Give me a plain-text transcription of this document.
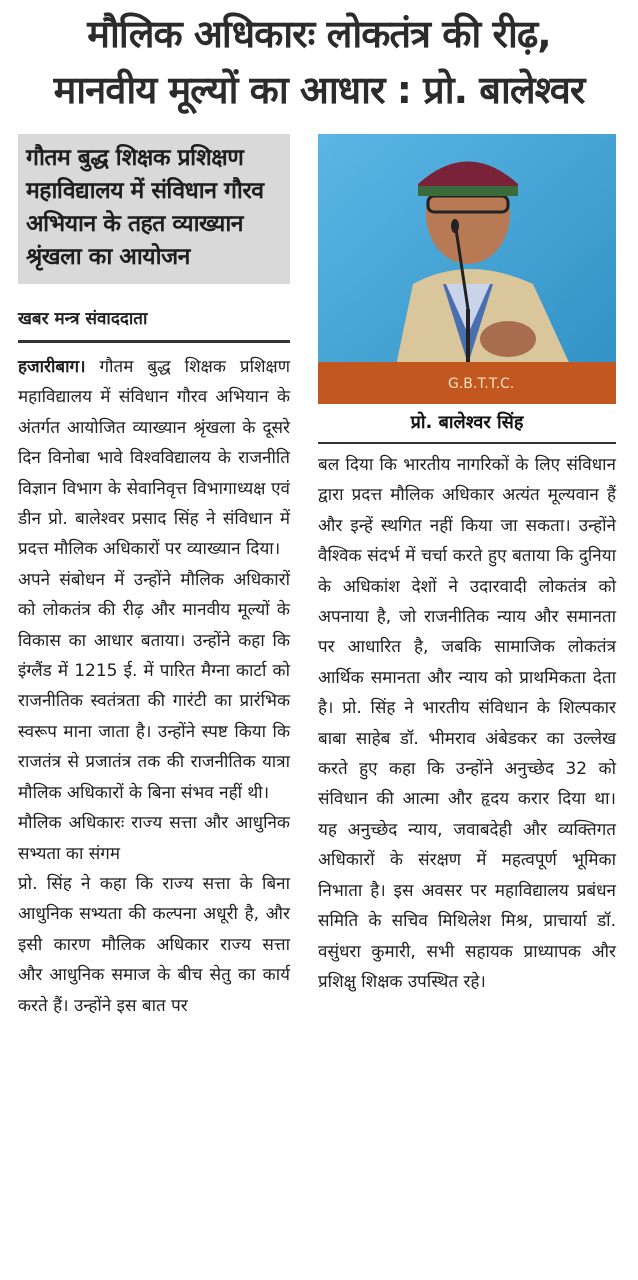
मौलिक अधिकारः लोकतंत्र की रीढ़,
मानवीय मूल्यों का आधार : प्रो. बालेश्वर
गौतम बुद्ध शिक्षक प्रशिक्षण महाविद्यालय में संविधान गौरव अभियान के तहत व्याख्यान श्रृंखला का आयोजन
खबर मन्त्र संवाददाता
G.B.T.T.C.
प्रो. बालेश्वर सिंह

हजारीबाग। गौतम बुद्ध शिक्षक प्रशिक्षण महाविद्यालय में संविधान गौरव अभियान के अंतर्गत आयोजित व्याख्यान श्रृंखला के दूसरे दिन विनोबा भावे विश्वविद्यालय के राजनीति विज्ञान विभाग के सेवानिवृत्त विभागाध्यक्ष एवं डीन प्रो. बालेश्वर प्रसाद सिंह ने संविधान में प्रदत्त मौलिक अधिकारों पर व्याख्यान दिया।

अपने संबोधन में उन्होंने मौलिक अधिकारों को लोकतंत्र की रीढ़ और मानवीय मूल्यों के विकास का आधार बताया। उन्होंने कहा कि इंग्लैंड में 1215 ई. में पारित मैग्ना कार्टा को राजनीतिक स्वतंत्रता की गारंटी का प्रारंभिक स्वरूप माना जाता है। उन्होंने स्पष्ट किया कि राजतंत्र से प्रजातंत्र तक की राजनीतिक यात्रा मौलिक अधिकारों के बिना संभव नहीं थी।

मौलिक अधिकारः राज्य सत्ता और आधुनिक सभ्यता का संगम

प्रो. सिंह ने कहा कि राज्य सत्ता के बिना आधुनिक सभ्यता की कल्पना अधूरी है, और इसी कारण मौलिक अधिकार राज्य सत्ता और आधुनिक समाज के बीच सेतु का कार्य करते हैं। उन्होंने इस बात पर

बल दिया कि भारतीय नागरिकों के लिए संविधान द्वारा प्रदत्त मौलिक अधिकार अत्यंत मूल्यवान हैं और इन्हें स्थगित नहीं किया जा सकता। उन्होंने वैश्विक संदर्भ में चर्चा करते हुए बताया कि दुनिया के अधिकांश देशों ने उदारवादी लोकतंत्र को अपनाया है, जो राजनीतिक न्याय और समानता पर आधारित है, जबकि सामाजिक लोकतंत्र आर्थिक समानता और न्याय को प्राथमिकता देता है। प्रो. सिंह ने भारतीय संविधान के शिल्पकार बाबा साहेब डॉ. भीमराव अंबेडकर का उल्लेख करते हुए कहा कि उन्होंने अनुच्छेद 32 को संविधान की आत्मा और हृदय करार दिया था। यह अनुच्छेद न्याय, जवाबदेही और व्यक्तिगत अधिकारों के संरक्षण में महत्वपूर्ण भूमिका निभाता है। इस अवसर पर महाविद्यालय प्रबंधन समिति के सचिव मिथिलेश मिश्र, प्राचार्या डॉ. वसुंधरा कुमारी, सभी सहायक प्राध्यापक और प्रशिक्षु शिक्षक उपस्थित रहे।
